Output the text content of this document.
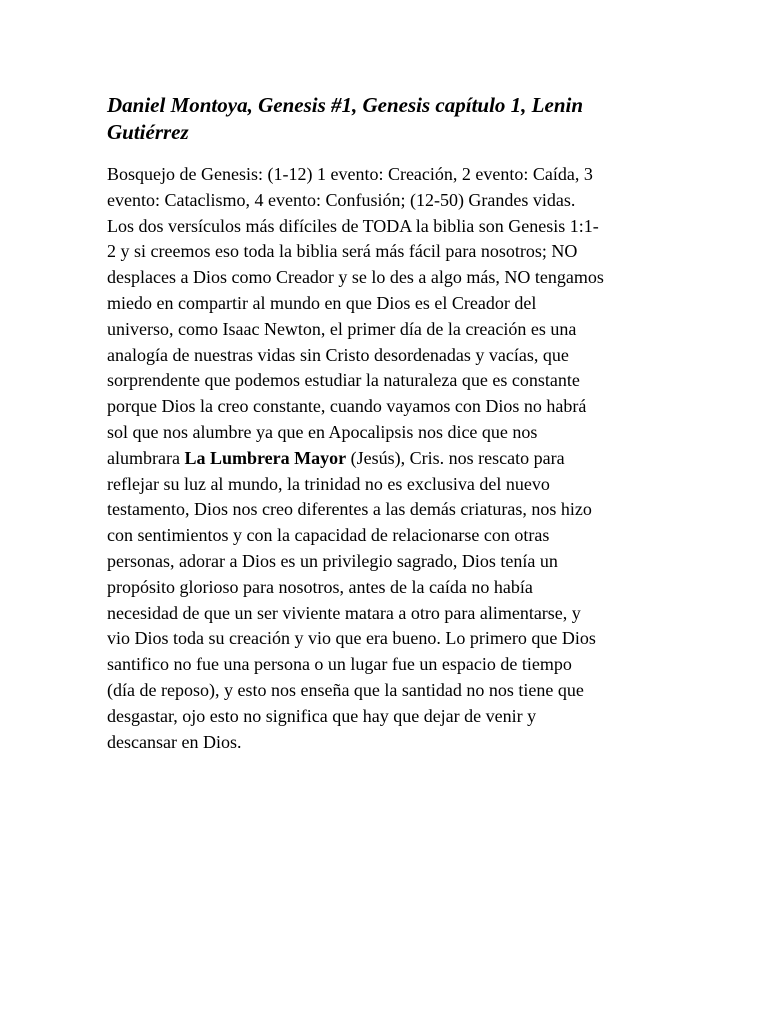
Daniel Montoya, Genesis #1, Genesis capítulo 1, Lenin Gutiérrez
Bosquejo de Genesis: (1-12) 1 evento: Creación, 2 evento: Caída, 3
evento: Cataclismo, 4 evento: Confusión; (12-50) Grandes vidas.
Los dos versículos más difíciles de TODA la biblia son Genesis 1:1-
2 y si creemos eso toda la biblia será más fácil para nosotros; NO
desplaces a Dios como Creador y se lo des a algo más, NO tengamos
miedo en compartir al mundo en que Dios es el Creador del
universo, como Isaac Newton, el primer día de la creación es una
analogía de nuestras vidas sin Cristo desordenadas y vacías, que
sorprendente que podemos estudiar la naturaleza que es constante
porque Dios la creo constante, cuando vayamos con Dios no habrá
sol que nos alumbre ya que en Apocalipsis nos dice que nos
alumbrara La Lumbrera Mayor (Jesús), Cris. nos rescato para
reflejar su luz al mundo, la trinidad no es exclusiva del nuevo
testamento, Dios nos creo diferentes a las demás criaturas, nos hizo
con sentimientos y con la capacidad de relacionarse con otras
personas, adorar a Dios es un privilegio sagrado, Dios tenía un
propósito glorioso para nosotros, antes de la caída no había
necesidad de que un ser viviente matara a otro para alimentarse, y
vio Dios toda su creación y vio que era bueno. Lo primero que Dios
santifico no fue una persona o un lugar fue un espacio de tiempo
(día de reposo), y esto nos enseña que la santidad no nos tiene que
desgastar, ojo esto no significa que hay que dejar de venir y
descansar en Dios.
